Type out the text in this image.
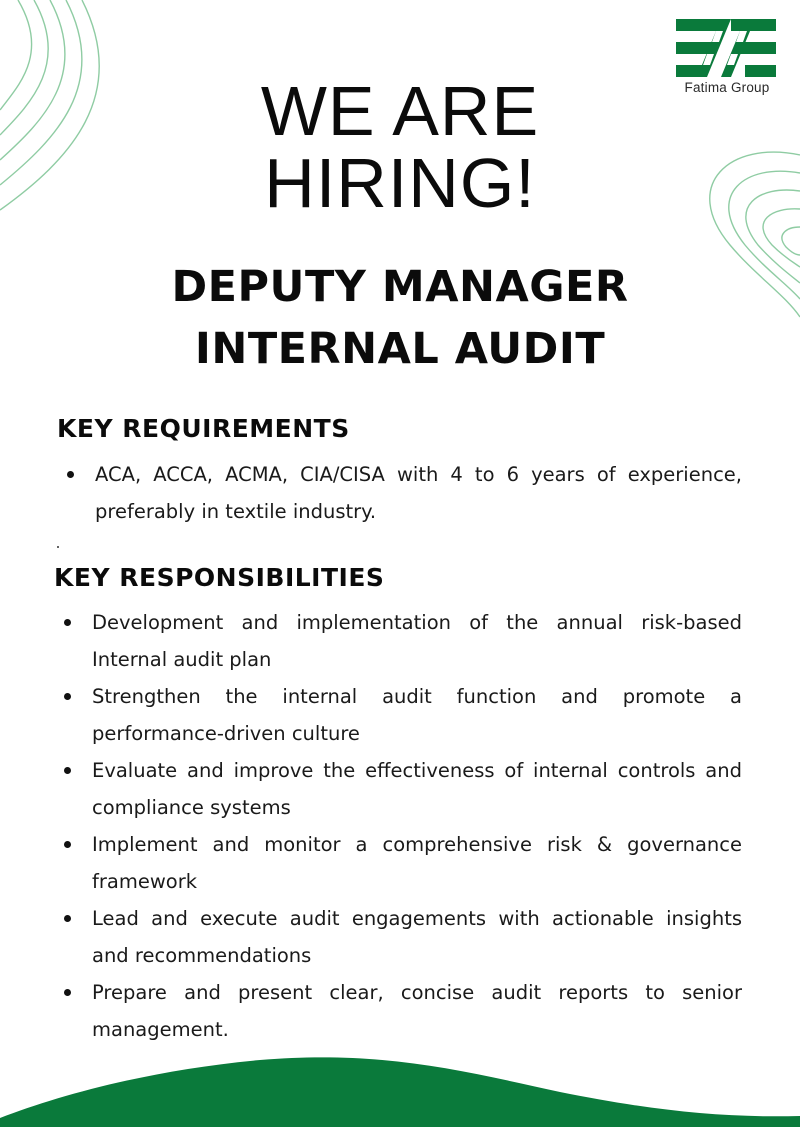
Fatima Group
WE ARE
HIRING!
DEPUTY MANAGER
INTERNAL AUDIT
KEY REQUIREMENTS
ACA, ACCA, ACMA, CIA/CISA with 4 to 6 years of experience, preferably in textile industry.
KEY RESPONSIBILITIES
Development and implementation of the annual risk-based Internal audit plan
Strengthen the internal audit function and promote a performance-driven culture
Evaluate and improve the effectiveness of internal controls and compliance systems
Implement and monitor a comprehensive risk & governance framework
Lead and execute audit engagements with actionable insights and recommendations
Prepare and present clear, concise audit reports to senior management.
